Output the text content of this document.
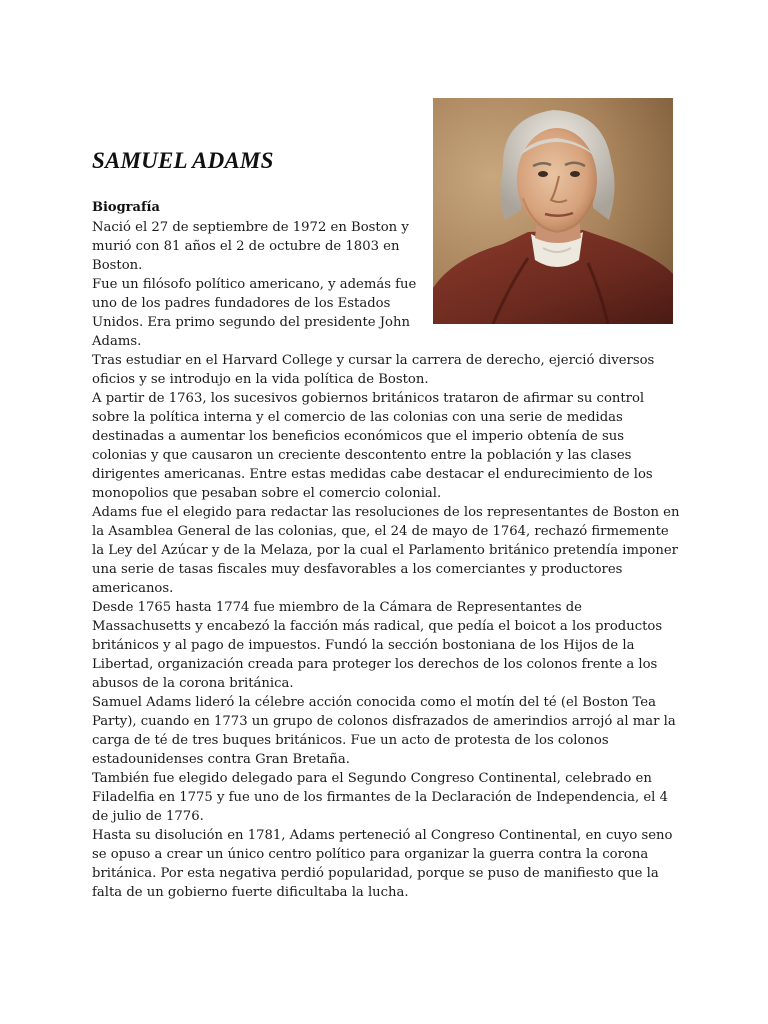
SAMUEL ADAMS
Biografía

Nació el 27 de septiembre de 1972 en Boston y murió con 81 años el 2 de octubre de 1803 en Boston.

Fue un filósofo político americano, y además fue uno de los padres fundadores de los Estados Unidos. Era primo segundo del presidente John Adams.

Tras estudiar en el Harvard College y cursar la carrera de derecho, ejerció diversos oficios y se introdujo en la vida política de Boston.

A partir de 1763, los sucesivos gobiernos británicos trataron de afirmar su control sobre la política interna y el comercio de las colonias con una serie de medidas destinadas a aumentar los beneficios económicos que el imperio obtenía de sus colonias y que causaron un creciente descontento entre la población y las clases dirigentes americanas. Entre estas medidas cabe destacar el endurecimiento de los monopolios que pesaban sobre el comercio colonial.

Adams fue el elegido para redactar las resoluciones de los representantes de Boston en la Asamblea General de las colonias, que, el 24 de mayo de 1764, rechazó firmemente la Ley del Azúcar y de la Melaza, por la cual el Parlamento británico pretendía imponer una serie de tasas fiscales muy desfavorables a los comerciantes y productores americanos.

Desde 1765 hasta 1774 fue miembro de la Cámara de Representantes de Massachusetts y encabezó la facción más radical, que pedía el boicot a los productos británicos y al pago de impuestos. Fundó la sección bostoniana de los Hijos de la Libertad, organización creada para proteger los derechos de los colonos frente a los abusos de la corona británica.

Samuel Adams lideró la célebre acción conocida como el motín del té (el Boston Tea Party), cuando en 1773 un grupo de colonos disfrazados de amerindios arrojó al mar la carga de té de tres buques británicos. Fue un acto de protesta de los colonos estadounidenses contra Gran Bretaña.

También fue elegido delegado para el Segundo Congreso Continental, celebrado en Filadelfia en 1775 y fue uno de los firmantes de la Declaración de Independencia, el 4 de julio de 1776.

Hasta su disolución en 1781, Adams perteneció al Congreso Continental, en cuyo seno se opuso a crear un único centro político para organizar la guerra contra la corona británica. Por esta negativa perdió popularidad, porque se puso de manifiesto que la falta de un gobierno fuerte dificultaba la lucha.
